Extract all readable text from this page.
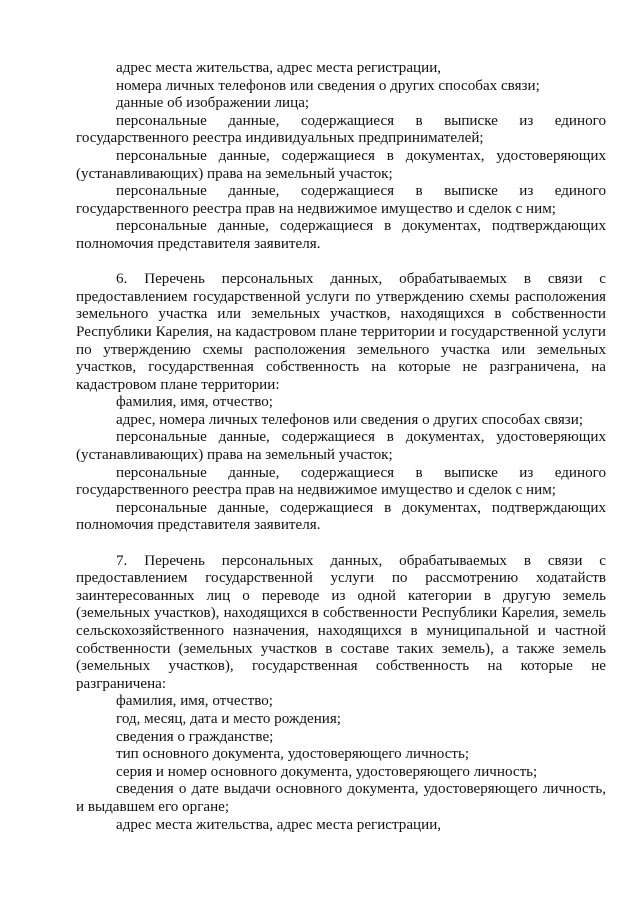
адрес места жительства, адрес места регистрации,

номера личных телефонов или сведения о других способах связи;

данные об изображении лица;

персональные данные, содержащиеся в выписке из единого государственного реестра индивидуальных предпринимателей;

персональные данные, содержащиеся в документах, удостоверяющих (устанавливающих) права на земельный участок;

персональные данные, содержащиеся в выписке из единого государственного реестра прав на недвижимое имущество и сделок с ним;

персональные данные, содержащиеся в документах, подтверждающих полномочия представителя заявителя.

6. Перечень персональных данных, обрабатываемых в связи с предоставлением государственной услуги по утверждению схемы расположения земельного участка или земельных участков, находящихся в собственности Республики Карелия, на кадастровом плане территории и государственной услуги по утверждению схемы расположения земельного участка или земельных участков, государственная собственность на которые не разграничена, на кадастровом плане территории:

фамилия, имя, отчество;

адрес, номера личных телефонов или сведения о других способах связи;

персональные данные, содержащиеся в документах, удостоверяющих (устанавливающих) права на земельный участок;

персональные данные, содержащиеся в выписке из единого государственного реестра прав на недвижимое имущество и сделок с ним;

персональные данные, содержащиеся в документах, подтверждающих полномочия представителя заявителя.

7. Перечень персональных данных, обрабатываемых в связи с предоставлением государственной услуги по рассмотрению ходатайств заинтересованных лиц о переводе из одной категории в другую земель (земельных участков), находящихся в собственности Республики Карелия, земель сельскохозяйственного назначения, находящихся в муниципальной и частной собственности (земельных участков в составе таких земель), а также земель (земельных участков), государственная собственность на которые не разграничена:

фамилия, имя, отчество;

год, месяц, дата и место рождения;

сведения о гражданстве;

тип основного документа, удостоверяющего личность;

серия и номер основного документа, удостоверяющего личность;

сведения о дате выдачи основного документа, удостоверяющего личность, и выдавшем его органе;

адрес места жительства, адрес места регистрации,
